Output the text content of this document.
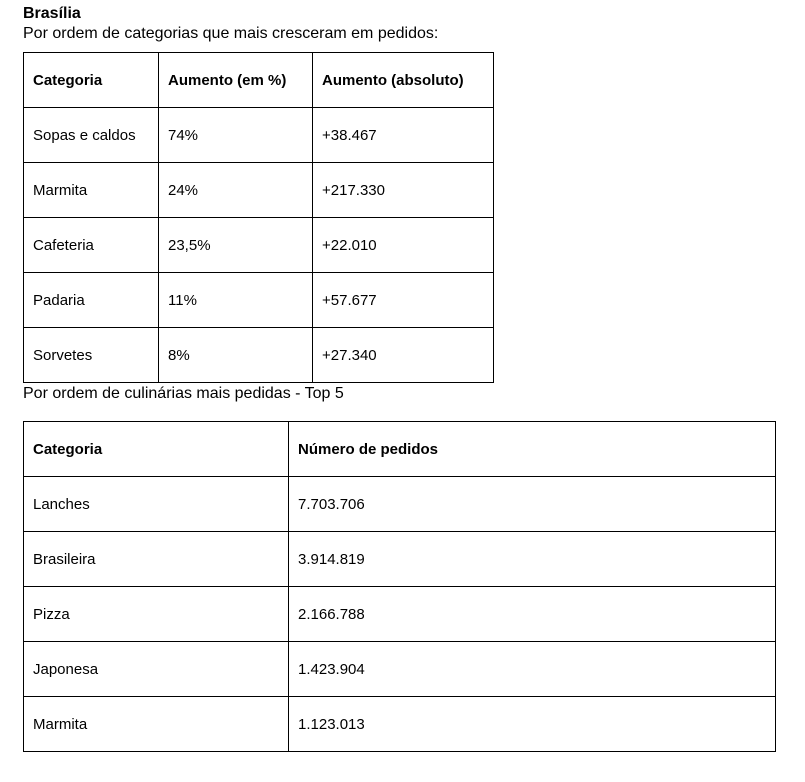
Brasília
Por ordem de categorias que mais cresceram em pedidos:
Categoria	Aumento (em %)	Aumento (absoluto)
Sopas e caldos	74%	+38.467
Marmita	24%	+217.330
Cafeteria	23,5%	+22.010
Padaria	11%	+57.677
Sorvetes	8%	+27.340
Por ordem de culinárias mais pedidas - Top 5
Categoria	Número de pedidos
Lanches	7.703.706
Brasileira	3.914.819
Pizza	2.166.788
Japonesa	1.423.904
Marmita	1.123.013
